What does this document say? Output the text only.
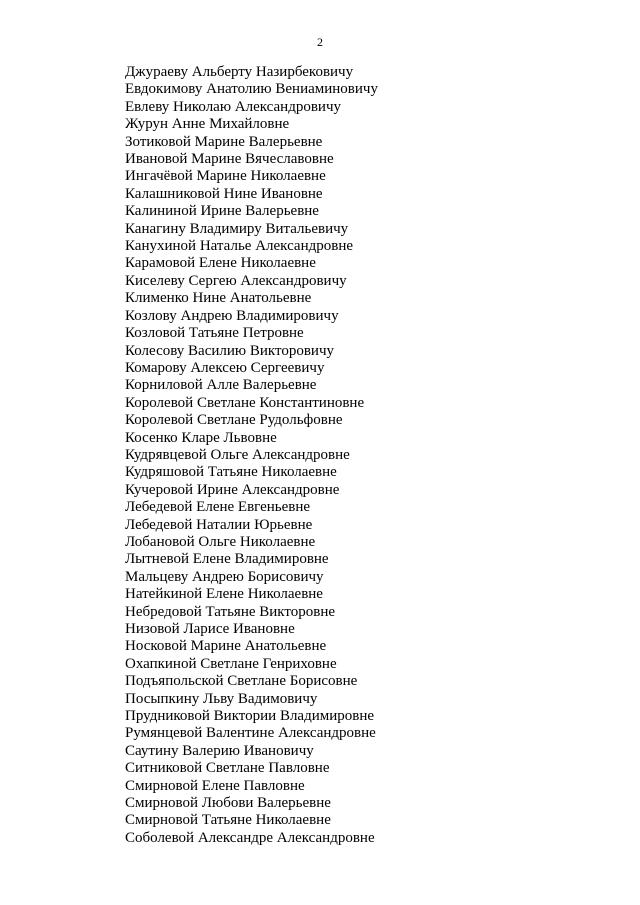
2
Джураеву Альберту Назирбековичу
Евдокимову Анатолию Вениаминовичу
Евлеву Николаю Александровичу
Журун Анне Михайловне
Зотиковой Марине Валерьевне
Ивановой Марине Вячеславовне
Ингачёвой Марине Николаевне
Калашниковой Нине Ивановне
Калининой Ирине Валерьевне
Канагину Владимиру Витальевичу
Канухиной Наталье Александровне
Карамовой Елене Николаевне
Киселеву Сергею Александровичу
Клименко Нине Анатольевне
Козлову Андрею Владимировичу
Козловой Татьяне Петровне
Колесову Василию Викторовичу
Комарову Алексею Сергеевичу
Корниловой Алле Валерьевне
Королевой Светлане Константиновне
Королевой Светлане Рудольфовне
Косенко Кларе Львовне
Кудрявцевой Ольге Александровне
Кудряшовой Татьяне Николаевне
Кучеровой Ирине Александровне
Лебедевой Елене Евгеньевне
Лебедевой Наталии Юрьевне
Лобановой Ольге Николаевне
Лытневой Елене Владимировне
Мальцеву Андрею Борисовичу
Натейкиной Елене Николаевне
Небредовой Татьяне Викторовне
Низовой Ларисе Ивановне
Носковой Марине Анатольевне
Охапкиной Светлане Генриховне
Подъяпольской Светлане Борисовне
Посыпкину Льву Вадимовичу
Прудниковой Виктории Владимировне
Румянцевой Валентине Александровне
Саутину Валерию Ивановичу
Ситниковой Светлане Павловне
Смирновой Елене Павловне
Смирновой Любови Валерьевне
Смирновой Татьяне Николаевне
Соболевой Александре Александровне
